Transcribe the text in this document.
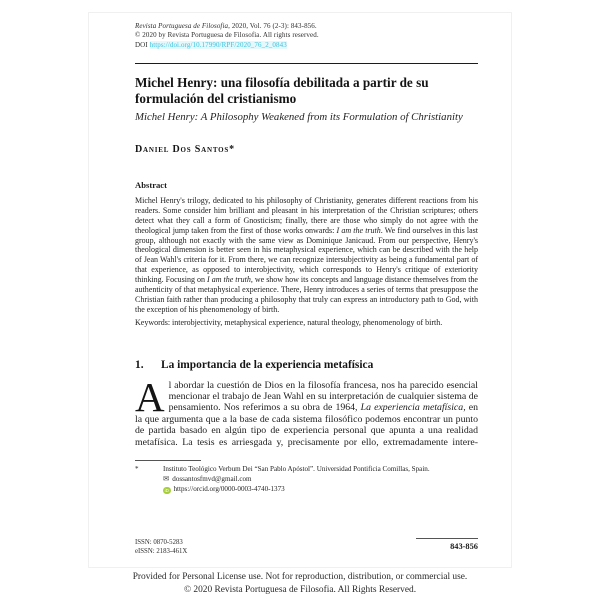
Revista Portuguesa de Filosofia, 2020, Vol. 76 (2-3): 843-856.
© 2020 by Revista Portuguesa de Filosofia. All rights reserved.
DOI https://doi.org/10.17990/RPF/2020_76_2_0843
Michel Henry: una filosofía debilitada a partir de su formulación del cristianismo
Michel Henry: A Philosophy Weakened from its Formulation of Christianity
Daniel Dos Santos*
Abstract

Michel Henry's trilogy, dedicated to his philosophy of Christianity, generates different reactions from his readers. Some consider him brilliant and pleasant in his interpretation of the Christian scriptures; others detect what they call a form of Gnosticism; finally, there are those who simply do not agree with the theological jump taken from the first of those works onwards: I am the truth. We find ourselves in this last group, although not exactly with the same view as Dominique Janicaud. From our perspective, Henry's theological dimension is better seen in his metaphysical experience, which can be described with the help of Jean Wahl's criteria for it. From there, we can recognize intersubjectivity as being a fundamental part of that experience, as opposed to interobjectivity, which corresponds to Henry's critique of exteriority thinking. Focusing on I am the truth, we show how its concepts and language distance themselves from the authenticity of that metaphysical experience. There, Henry introduces a series of terms that presuppose the Christian faith rather than producing a philosophy that truly can express an introductory path to God, with the exception of his phenomenology of birth.

Keywords: interobjectivity, metaphysical experience, natural theology, phenomenology of birth.
1.	La importancia de la experiencia metafísica

Al abordar la cuestión de Dios en la filosofía francesa, nos ha parecido esencial mencionar el trabajo de Jean Wahl en su interpretación de cualquier sistema de pensamiento. Nos referimos a su obra de 1964, La experiencia metafísica, en la que argumenta que a la base de cada sistema filosófico podemos encontrar un punto de partida basado en algún tipo de experiencia personal que apunta a una realidad metafísica. La tesis es arriesgada y, precisamente por ello, extremadamente intere-

*	Instituto Teológico Verbum Dei “San Pablo Apóstol”. Universidad Pontificia Comillas, Spain.
✉ dossantosfmvd@gmail.com
iD https://orcid.org/0000-0003-4740-1373
ISSN: 0870-5283
eISSN: 2183-461X
843-856
Provided for Personal License use. Not for reproduction, distribution, or commercial use.
© 2020 Revista Portuguesa de Filosofia. All Rights Reserved.
